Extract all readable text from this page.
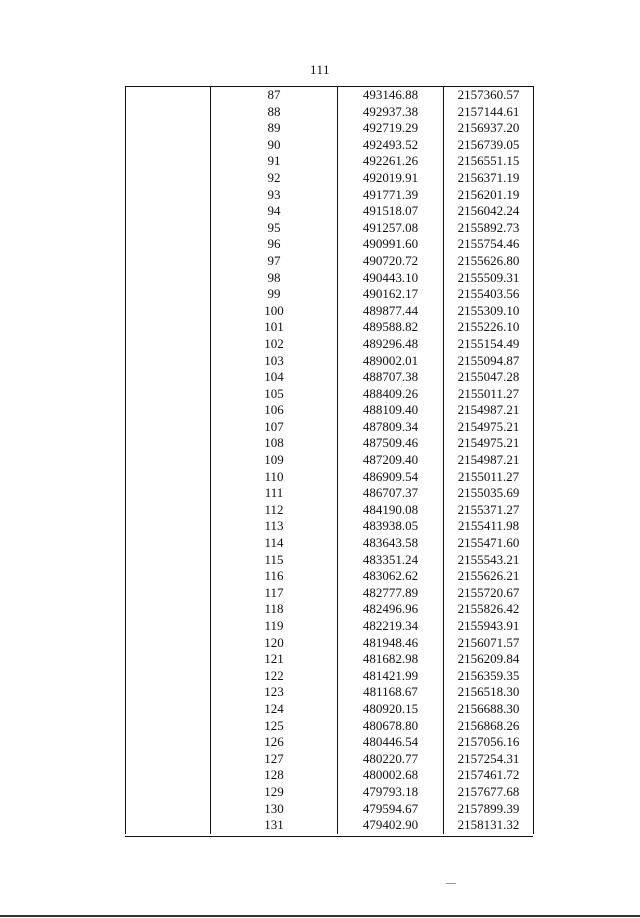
111
	87	493146.88	2157360.57
	88	492937.38	2157144.61
	89	492719.29	2156937.20
	90	492493.52	2156739.05
	91	492261.26	2156551.15
	92	492019.91	2156371.19
	93	491771.39	2156201.19
	94	491518.07	2156042.24
	95	491257.08	2155892.73
	96	490991.60	2155754.46
	97	490720.72	2155626.80
	98	490443.10	2155509.31
	99	490162.17	2155403.56
	100	489877.44	2155309.10
	101	489588.82	2155226.10
	102	489296.48	2155154.49
	103	489002.01	2155094.87
	104	488707.38	2155047.28
	105	488409.26	2155011.27
	106	488109.40	2154987.21
	107	487809.34	2154975.21
	108	487509.46	2154975.21
	109	487209.40	2154987.21
	110	486909.54	2155011.27
	111	486707.37	2155035.69
	112	484190.08	2155371.27
	113	483938.05	2155411.98
	114	483643.58	2155471.60
	115	483351.24	2155543.21
	116	483062.62	2155626.21
	117	482777.89	2155720.67
	118	482496.96	2155826.42
	119	482219.34	2155943.91
	120	481948.46	2156071.57
	121	481682.98	2156209.84
	122	481421.99	2156359.35
	123	481168.67	2156518.30
	124	480920.15	2156688.30
	125	480678.80	2156868.26
	126	480446.54	2157056.16
	127	480220.77	2157254.31
	128	480002.68	2157461.72
	129	479793.18	2157677.68
	130	479594.67	2157899.39
	131	479402.90	2158131.32
